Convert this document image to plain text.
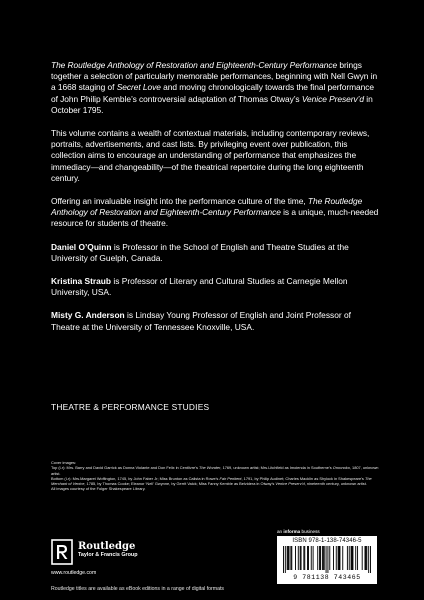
The Routledge Anthology of Restoration and Eighteenth-Century Performance brings together a selection of particularly memorable performances, beginning with Nell Gwyn in a 1668 staging of Secret Love and moving chronologically towards the final performance of John Philip Kemble’s controversial adaptation of Thomas Otway’s Venice Preserv’d in October 1795.

This volume contains a wealth of contextual materials, including contemporary reviews, portraits, advertisements, and cast lists. By privileging event over publication, this collection aims to encourage an understanding of performance that emphasizes the immediacy—and changeability—of the theatrical repertoire during the long eighteenth century.

Offering an invaluable insight into the performance culture of the time, The Routledge Anthology of Restoration and Eighteenth-Century Performance is a unique, much-needed resource for students of theatre.

Daniel O’Quinn is Professor in the School of English and Theatre Studies at the University of Guelph, Canada.

Kristina Straub is Professor of Literary and Cultural Studies at Carnegie Mellon University, USA.

Misty G. Anderson is Lindsay Young Professor of English and Joint Professor of Theatre at the University of Tennessee Knoxville, USA.

THEATRE & PERFORMANCE STUDIES
Cover images:
Top (l-r): Mrs. Barry and David Garrick as Donna Violante and Don Felix in Centlivre’s The Wonder, 1769, unknown artist; Mrs.Litchfield as Imoienda in Southerne’s Oroonoko, 1807, unknown artist.
Bottom (l-r): Mrs.Margaret Woffington, 1745, by John Faber Jr; Miss Brunton as Calista in Rowe’s Fair Penitent, 1791, by Philip Audinet; Charles Macklin as Shylock in Shakespeare’s The Merchant of Venice, 1785, by Thomas Cooke; Eleanor ‘Nell’ Gwynne, by Gerrit Valck; Miss Fanny Kemble as Belvidera in Otway’s Venice Preserv’d, nineteenth century, unknown artist.
All images courtesy of the Folger Shakespeare Library.
Routledge
Taylor & Francis Group
www.routledge.com
Routledge titles are available as eBook editions in a range of digital formats
an informa business
ISBN 978-1-138-74346-5
9 781138 743465
